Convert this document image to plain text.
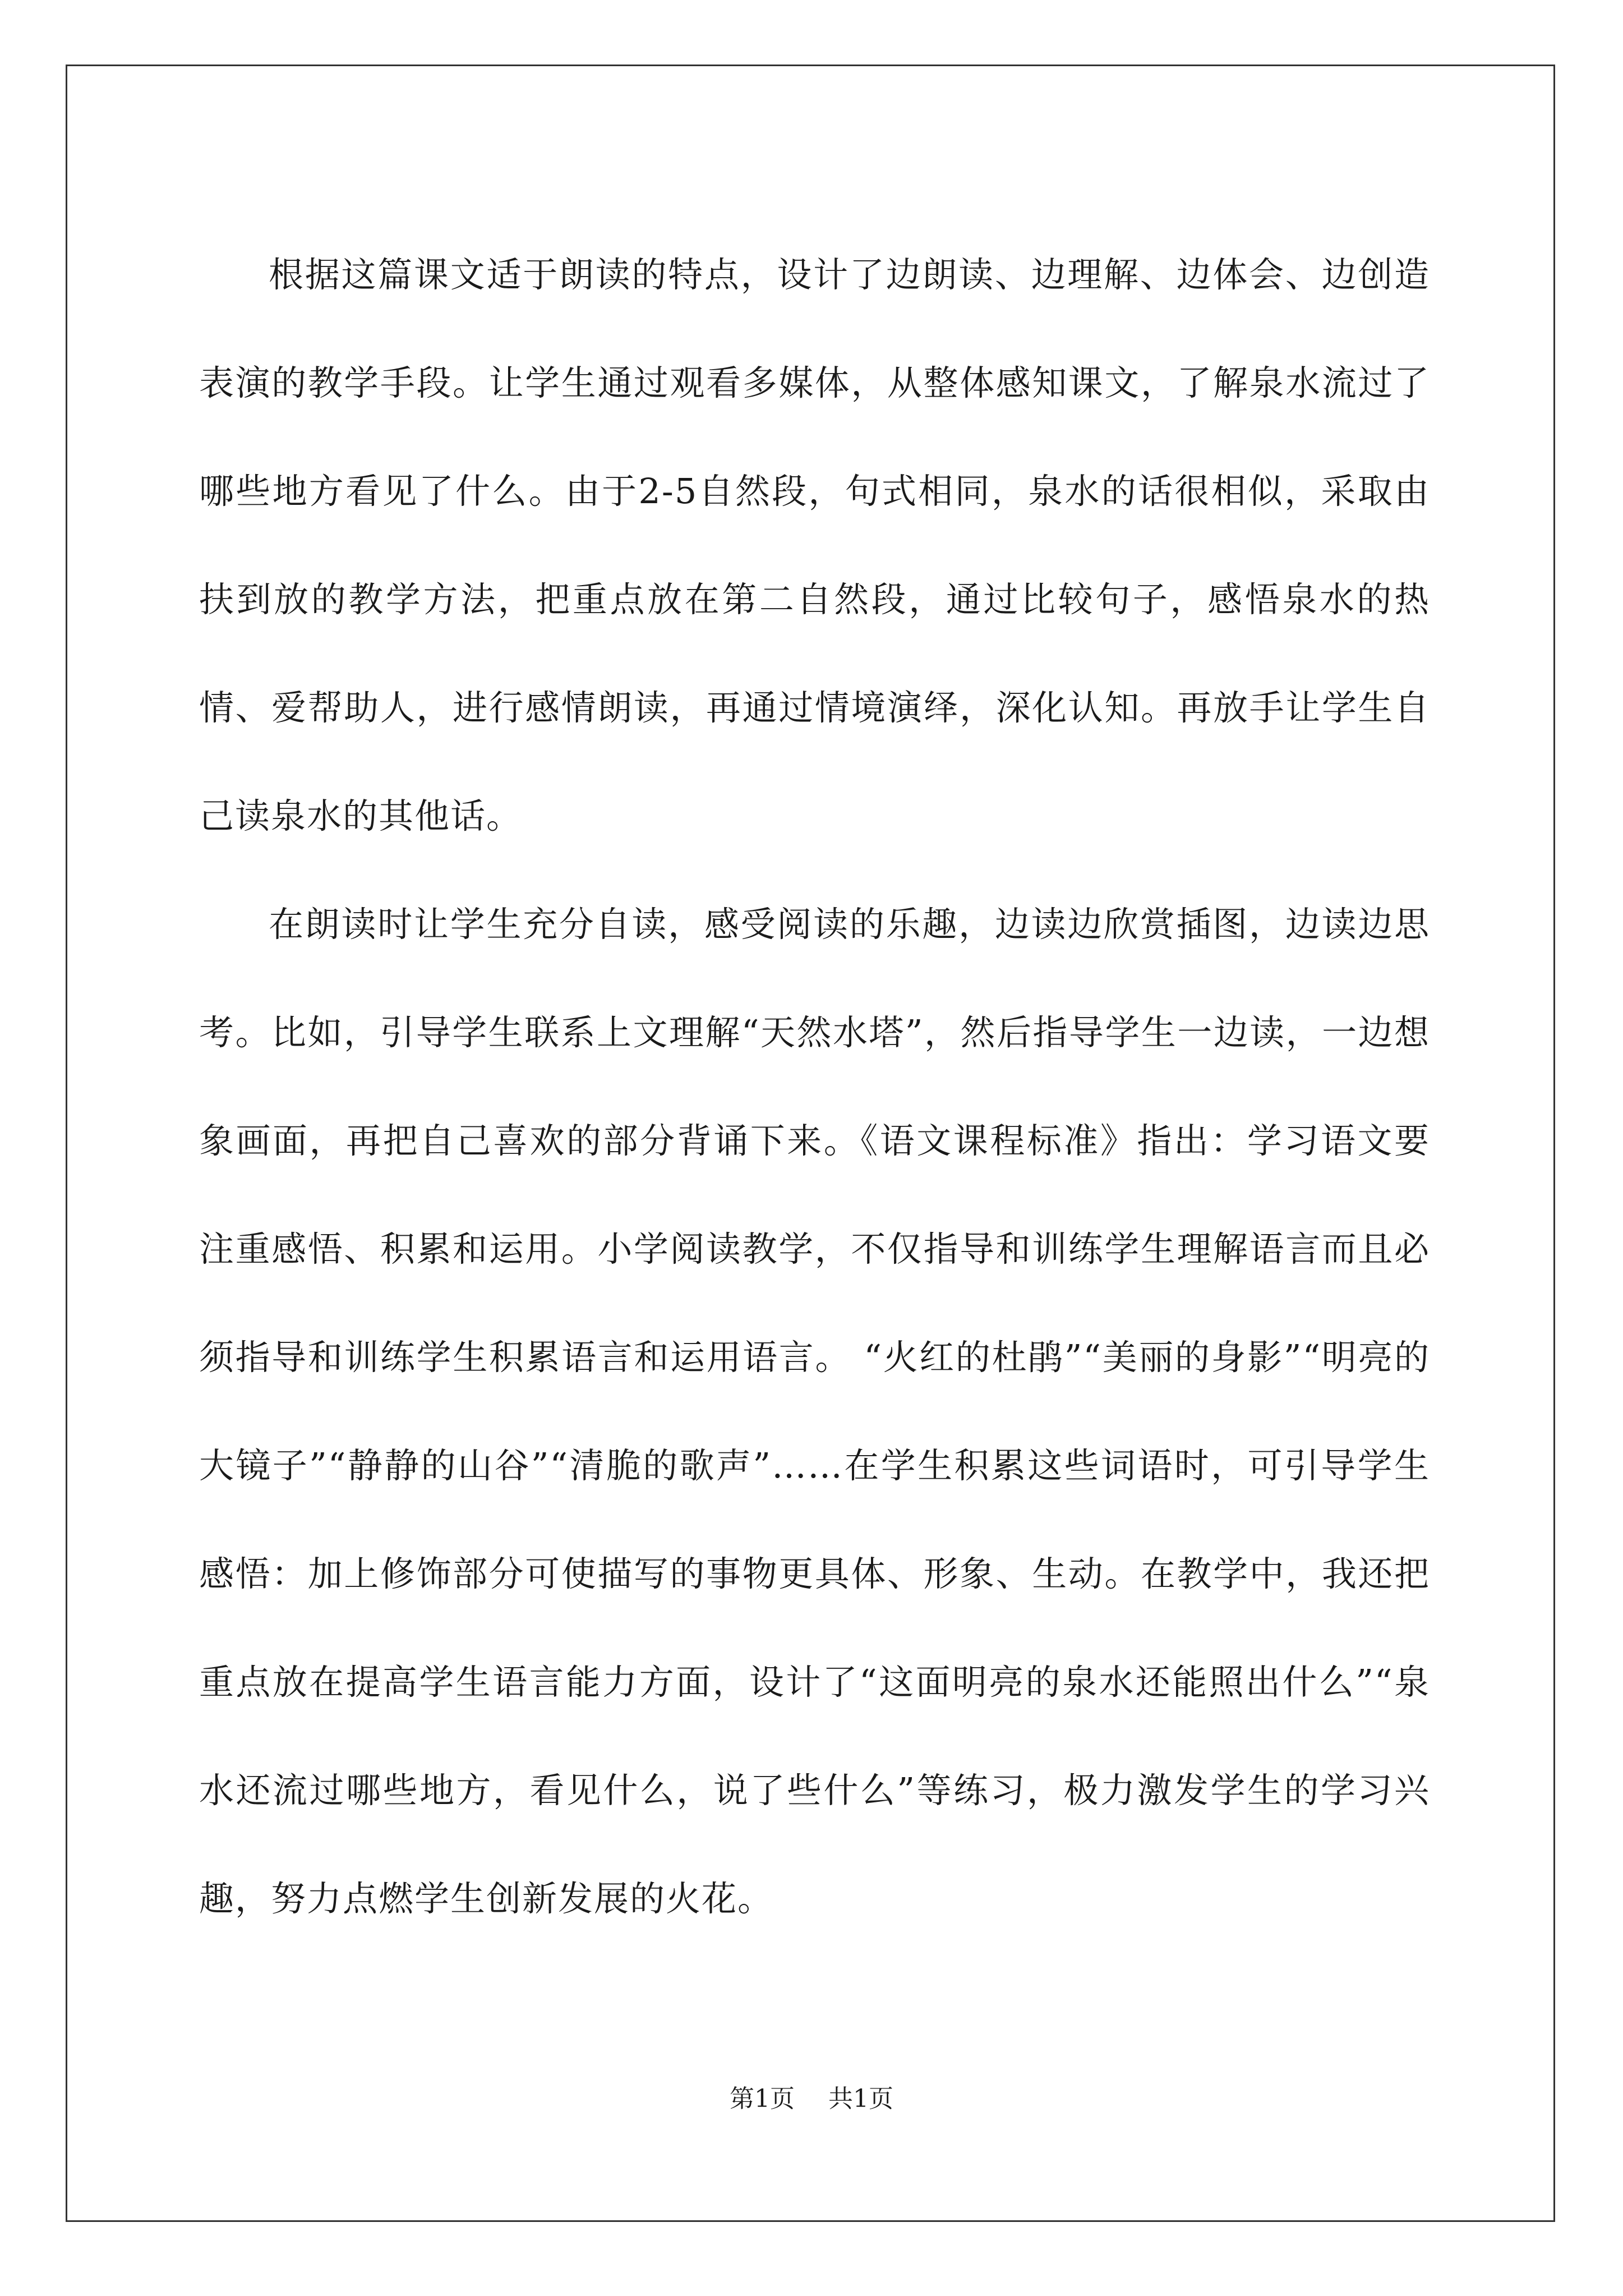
根据这篇课文适于朗读的特点，设计了边朗读、边理解、边体会、边创造表演的教学手段。让学生通过观看多媒体，从整体感知课文，了解泉水流过了哪些地方看见了什么。由于2-5自然段，句式相同，泉水的话很相似，采取由扶到放的教学方法，把重点放在第二自然段，通过比较句子，感悟泉水的热情、爱帮助人，进行感情朗读，再通过情境演绎，深化认知。再放手让学生自己读泉水的其他话。

在朗读时让学生充分自读，感受阅读的乐趣，边读边欣赏插图，边读边思考。比如，引导学生联系上文理解“天然水塔”，然后指导学生一边读，一边想象画面，再把自己喜欢的部分背诵下来。《语文课程标准》指出：学习语文要注重感悟、积累和运用。小学阅读教学，不仅指导和训练学生理解语言而且必须指导和训练学生积累语言和运用语言。 “火红的杜鹃”“美丽的身影”“明亮的大镜子”“静静的山谷”“清脆的歌声”……在学生积累这些词语时，可引导学生感悟：加上修饰部分可使描写的事物更具体、形象、生动。在教学中，我还把重点放在提高学生语言能力方面，设计了“这面明亮的泉水还能照出什么”“泉水还流过哪些地方，看见什么，说了些什么”等练习，极力激发学生的学习兴趣，努力点燃学生创新发展的火花。

第1页 共1页
